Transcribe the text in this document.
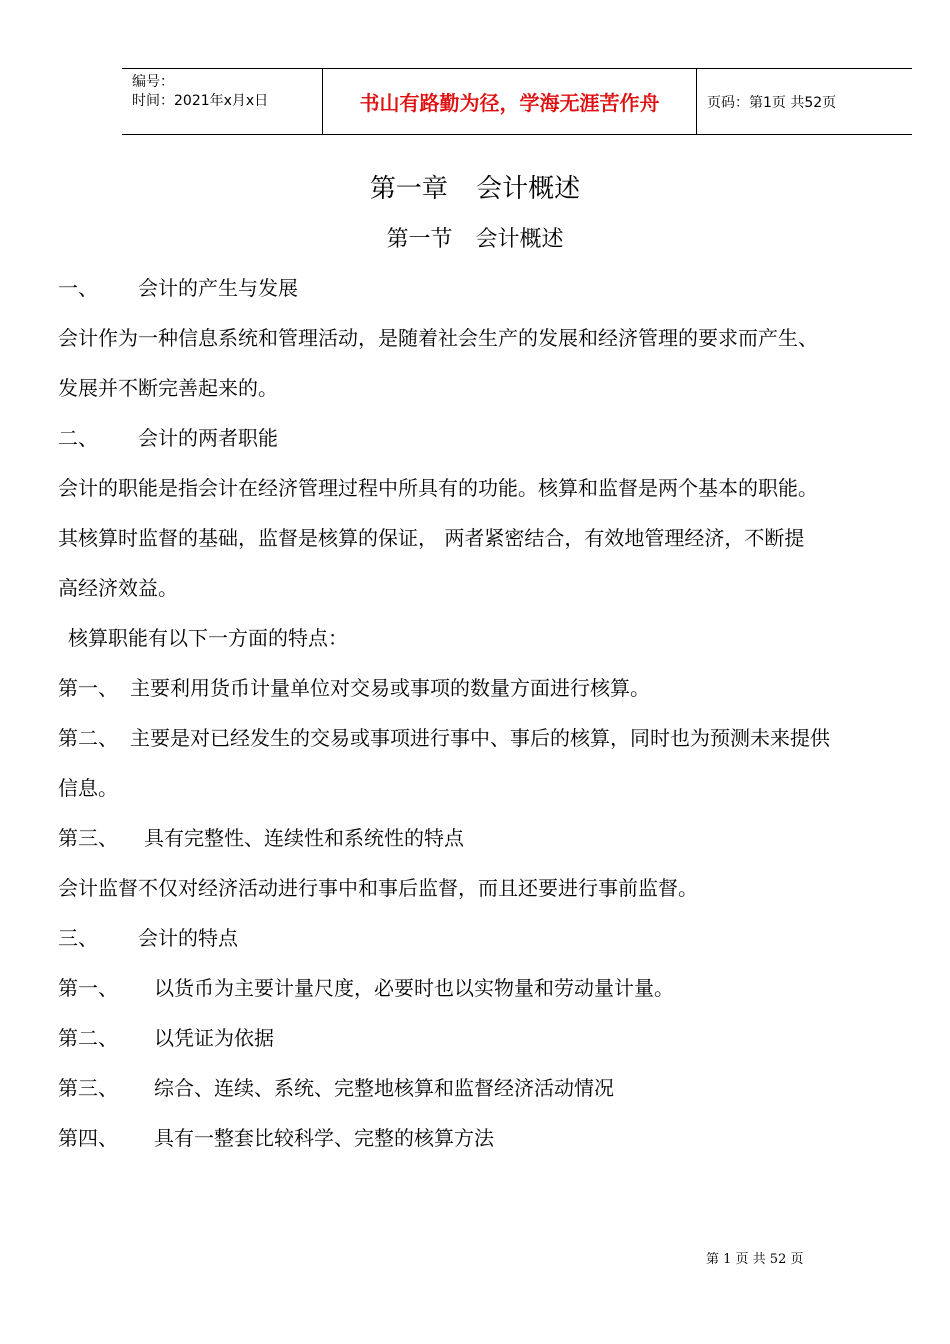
编号：
时间：2021年x月x日	书山有路勤为径，学海无涯苦作舟	页码：第1页 共52页
第一章 会计概述
第一节 会计概述
一、 会计的产生与发展
会计作为一种信息系统和管理活动，是随着社会生产的发展和经济管理的要求而产生、
发展并不断完善起来的。
二、 会计的两者职能
会计的职能是指会计在经济管理过程中所具有的功能。核算和监督是两个基本的职能。
其核算时监督的基础，监督是核算的保证， 两者紧密结合，有效地管理经济，不断提
高经济效益。
核算职能有以下一方面的特点：
第一、 主要利用货币计量单位对交易或事项的数量方面进行核算。
第二、 主要是对已经发生的交易或事项进行事中、事后的核算，同时也为预测未来提供
信息。
第三、 具有完整性、连续性和系统性的特点
会计监督不仅对经济活动进行事中和事后监督，而且还要进行事前监督。
三、 会计的特点
第一、 以货币为主要计量尺度，必要时也以实物量和劳动量计量。
第二、 以凭证为依据
第三、 综合、连续、系统、完整地核算和监督经济活动情况
第四、 具有一整套比较科学、完整的核算方法
第 1 页 共 52 页
